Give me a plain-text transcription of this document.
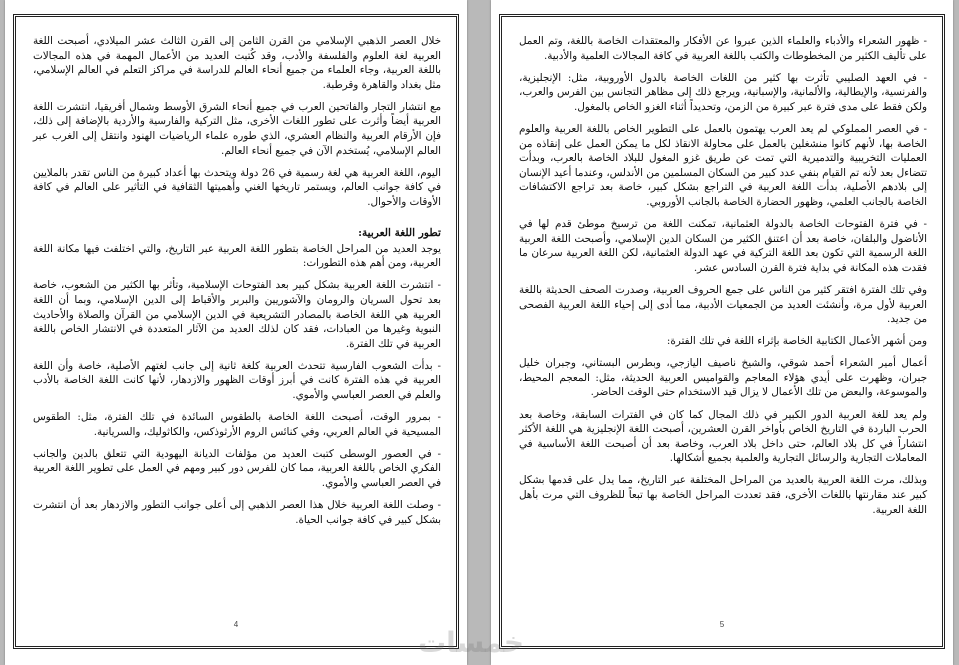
خلال العصر الذهبي الإسلامي من القرن الثامن إلى القرن الثالث عشر الميلادي، أصبحت اللغة العربية لغة العلوم والفلسفة والأدب، وقد كُتبت العديد من الأعمال المهمة في هذه المجالات باللغة العربية، وجاء العلماء من جميع أنحاء العالم للدراسة في مراكز التعلم في العالم الإسلامي، مثل بغداد والقاهرة وقرطبة.

مع انتشار التجار والفاتحين العرب في جميع أنحاء الشرق الأوسط وشمال أفريقيا، انتشرت اللغة العربية أيضاً وأثرت على تطور اللغات الأخرى، مثل التركية والفارسية والأردية بالإضافة إلى ذلك، فإن الأرقام العربية والنظام العشري، الذي طوره علماء الرياضيات الهنود وانتقل إلى الغرب عبر العالم الإسلامي، يُستخدم الآن في جميع أنحاء العالم.

اليوم، اللغة العربية هي لغة رسمية في 26 دولة ويتحدث بها أعداد كبيرة من الناس تقدر بالملايين في كافة جوانب العالم، ويستمر تاريخها الغني وأهميتها الثقافية في التأثير على العالم في كافة الأوقات والأحوال.

تطور اللغة العربية:

يوجد العديد من المراحل الخاصة بتطور اللغة العربية عبر التاريخ، والتي اختلفت فيها مكانة اللغة العربية، ومن أهم هذه التطورات:

- انتشرت اللغة العربية بشكل كبير بعد الفتوحات الإسلامية، وتأثر بها الكثير من الشعوب، خاصة بعد تحول السريان والرومان والآشوريين والبربر والأقباط إلى الدين الإسلامي، وبما أن اللغة العربية هي اللغة الخاصة بالمصادر التشريعية في الدين الإسلامي من القرآن والصلاة والأحاديث النبوية وغيرها من العبادات، فقد كان لذلك العديد من الآثار المتعددة في الانتشار الخاص باللغة العربية في تلك الفترة.

- بدأت الشعوب الفارسية تتحدث العربية كلغة ثانية إلى جانب لغتهم الأصلية، خاصة وأن اللغة العربية في هذه الفترة كانت في أبرز أوقات الظهور والازدهار، لأنها كانت اللغة الخاصة بالأدب والعلم في العصر العباسي والأموي.

- بمرور الوقت، أصبحت اللغة الخاصة بالطقوس السائدة في تلك الفترة، مثل: الطقوس المسيحية في العالم العربي، وفي كنائس الروم الأرثوذكس، والكاثوليك، والسريانية.

- في العصور الوسطى كتبت العديد من مؤلفات الديانة اليهودية التي تتعلق بالدين والجانب الفكري الخاص باللغة العربية، مما كان للفرس دور كبير ومهم في العمل على تطوير اللغة العربية في العصر العباسي والأموي.

- وصلت اللغة العربية خلال هذا العصر الذهبي إلى أعلى جوانب التطور والازدهار بعد أن انتشرت بشكل كبير في كافة جوانب الحياة.

4

- ظهور الشعراء والأدباء والعلماء الذين عبروا عن الأفكار والمعتقدات الخاصة باللغة، وتم العمل على تأليف الكثير من المخطوطات والكتب باللغة العربية في كافة المجالات العلمية والأدبية.

- في العهد الصليبي تأثرت بها كثير من اللغات الخاصة بالدول الأوروبية، مثل: الإنجليزية، والفرنسية، والإيطالية، والألمانية، والإسبانية، ويرجع ذلك إلى مظاهر التجانس بين الفرس والعرب، ولكن فقط على مدى فترة عبر كبيرة من الزمن، وتحديداً أثناء الغزو الخاص بالمغول.

- في العصر المملوكي لم يعد العرب يهتمون بالعمل على التطوير الخاص باللغة العربية والعلوم الخاصة بها، لأنهم كانوا منشغلين بالعمل على محاولة الانقاذ لكل ما يمكن العمل على إنقاذه من العمليات التخريبية والتدميرية التي تمت عن طريق غزو المغول للبلاد الخاصة بالعرب، وبدأت تتضاءل بعد لأنه تم القيام بنفي عدد كبير من السكان المسلمين من الأندلس، وعندما أعيد الإنسان إلى بلادهم الأصلية، بدأت اللغة العربية في التراجع بشكل كبير، خاصة بعد تراجع الاكتشافات الخاصة بالجانب العلمي، وظهور الحضارة الخاصة بالجانب الأوروبي.

- في فترة الفتوحات الخاصة بالدولة العثمانية، تمكنت اللغة من ترسيخ موطئ قدم لها في الأناضول والبلقان، خاصة بعد أن اعتنق الكثير من السكان الدين الإسلامي، وأصبحت اللغة العربية اللغة الرسمية التي تكون بعد اللغة التركية في عهد الدولة العثمانية، لكن اللغة العربية سرعان ما فقدت هذه المكانة في بداية فترة القرن السادس عشر.

وفي تلك الفترة افتقر كثير من الناس على جمع الحروف العربية، وصدرت الصحف الحديثة باللغة العربية لأول مرة، وأنشئت العديد من الجمعيات الأدبية، مما أدى إلى إحياء اللغة العربية الفصحى من جديد.

ومن أشهر الأعمال الكتابية الخاصة بإثراء اللغة في تلك الفترة:

أعمال أمير الشعراء أحمد شوقي، والشيخ ناصيف اليازجي، وبطرس البستاني، وجبران خليل جبران، وظهرت على أيدي هؤلاء المعاجم والقواميس العربية الحديثة، مثل: المعجم المحيط، والموسوعة، والبعض من تلك الأعمال لا يزال قيد الاستخدام حتى الوقت الحاضر.

ولم يعد للغة العربية الدور الكبير في ذلك المجال كما كان في الفترات السابقة، وخاصة بعد الحرب الباردة في التاريخ الخاص بأواخر القرن العشرين، أصبحت اللغة الإنجليزية هي اللغة الأكثر انتشاراً في كل بلاد العالم، حتى داخل بلاد العرب، وخاصة بعد أن أصبحت اللغة الأساسية في المعاملات التجارية والرسائل التجارية والعلمية بجميع أشكالها.

وبذلك، مرت اللغة العربية بالعديد من المراحل المختلفة عبر التاريخ، مما يدل على قدمها بشكل كبير عند مقارنتها باللغات الأخرى، فقد تعددت المراحل الخاصة بها تبعاً للظروف التي مرت بأهل اللغة العربية.

5
خمسات
